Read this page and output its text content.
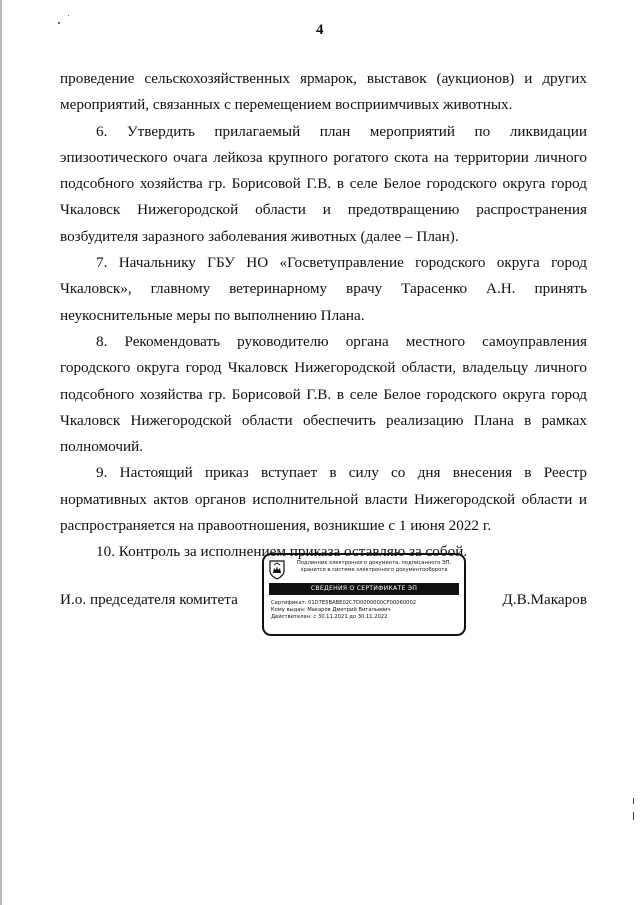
4

проведение сельскохозяйственных ярмарок, выставок (аукционов) и других мероприятий, связанных с перемещением восприимчивых животных.

6. Утвердить прилагаемый план мероприятий по ликвидации эпизоотического очага лейкоза крупного рогатого скота на территории личного подсобного хозяйства гр. Борисовой Г.В. в селе Белое городского округа город Чкаловск Нижегородской области и предотвращению распространения возбудителя заразного заболевания животных (далее – План).

7. Начальнику ГБУ НО «Госветуправление городского округа город Чкаловск», главному ветеринарному врачу Тарасенко А.Н. принять неукоснительные меры по выполнению Плана.

8. Рекомендовать руководителю органа местного самоуправления городского округа город Чкаловск Нижегородской области, владельцу личного подсобного хозяйства гр. Борисовой Г.В. в селе Белое городского округа город Чкаловск Нижегородской области обеспечить реализацию Плана в рамках полномочий.

9. Настоящий приказ вступает в силу со дня внесения в Реестр нормативных актов органов исполнительной власти Нижегородской области и распространяется на правоотношения, возникшие с 1 июня 2022 г.

10. Контроль за исполнением приказа оставляю за собой.

И.о. председателя комитета
Подлинник электронного документа, подписанного ЭП, хранится в системе электронного документооборота
СВЕДЕНИЯ О СЕРТИФИКАТЕ ЭП
Сертификат: 01D7E5BABE02C7D0000000CF00060002
Кому выдан: Макаров Дмитрий Витальевич
Действителен: с 30.11.2021 до 30.11.2022
Д.В.Макаров
